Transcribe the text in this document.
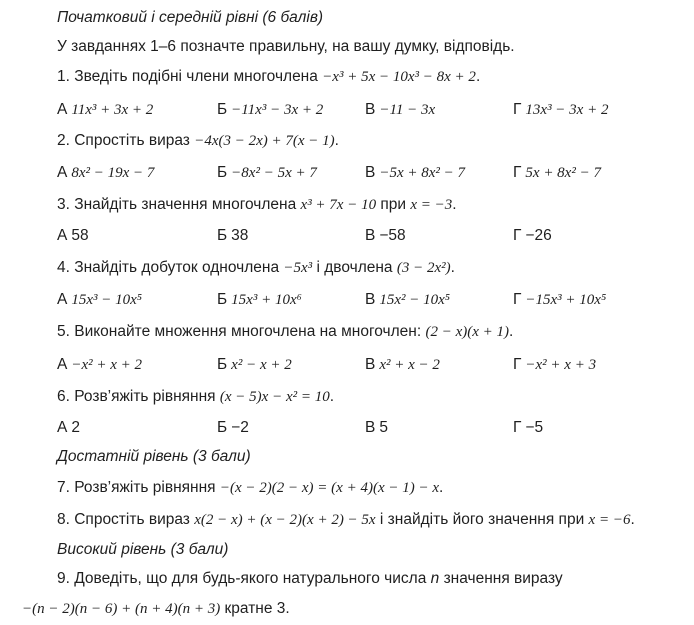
Початковий і середній рівні (6 балів)
У завданнях 1–6 позначте правильну, на вашу думку, відповідь.
1. Зведіть подібні члени многочлена −x³ + 5x − 10x³ − 8x + 2.
А 11x³ + 3x + 2	Б −11x³ − 3x + 2	В −11 − 3x	Г 13x³ − 3x + 2
2. Спростіть вираз −4x(3 − 2x) + 7(x − 1).
А 8x² − 19x − 7	Б −8x² − 5x + 7	В −5x + 8x² − 7	Г 5x + 8x² − 7
3. Знайдіть значення многочлена x³ + 7x − 10 при x = −3.
А 58	Б 38	В −58	Г −26
4. Знайдіть добуток одночлена −5x³ і двочлена (3 − 2x²).
А 15x³ − 10x⁵	Б 15x³ + 10x⁶	В 15x² − 10x⁵	Г −15x³ + 10x⁵
5. Виконайте множення многочлена на многочлен: (2 − x)(x + 1).
А −x² + x + 2	Б x² − x + 2	В x² + x − 2	Г −x² + x + 3
6. Розв’яжіть рівняння (x − 5)x − x² = 10.
А 2	Б −2	В 5	Г −5
Достатній рівень (3 бали)
7. Розв’яжіть рівняння −(x − 2)(2 − x) = (x + 4)(x − 1) − x.
8. Спростіть вираз x(2 − x) + (x − 2)(x + 2) − 5x і знайдіть його значення при x = −6.
Високий рівень (3 бали)
9. Доведіть, що для будь-якого натурального числа n значення виразу
−(n − 2)(n − 6) + (n + 4)(n + 3) кратне 3.
